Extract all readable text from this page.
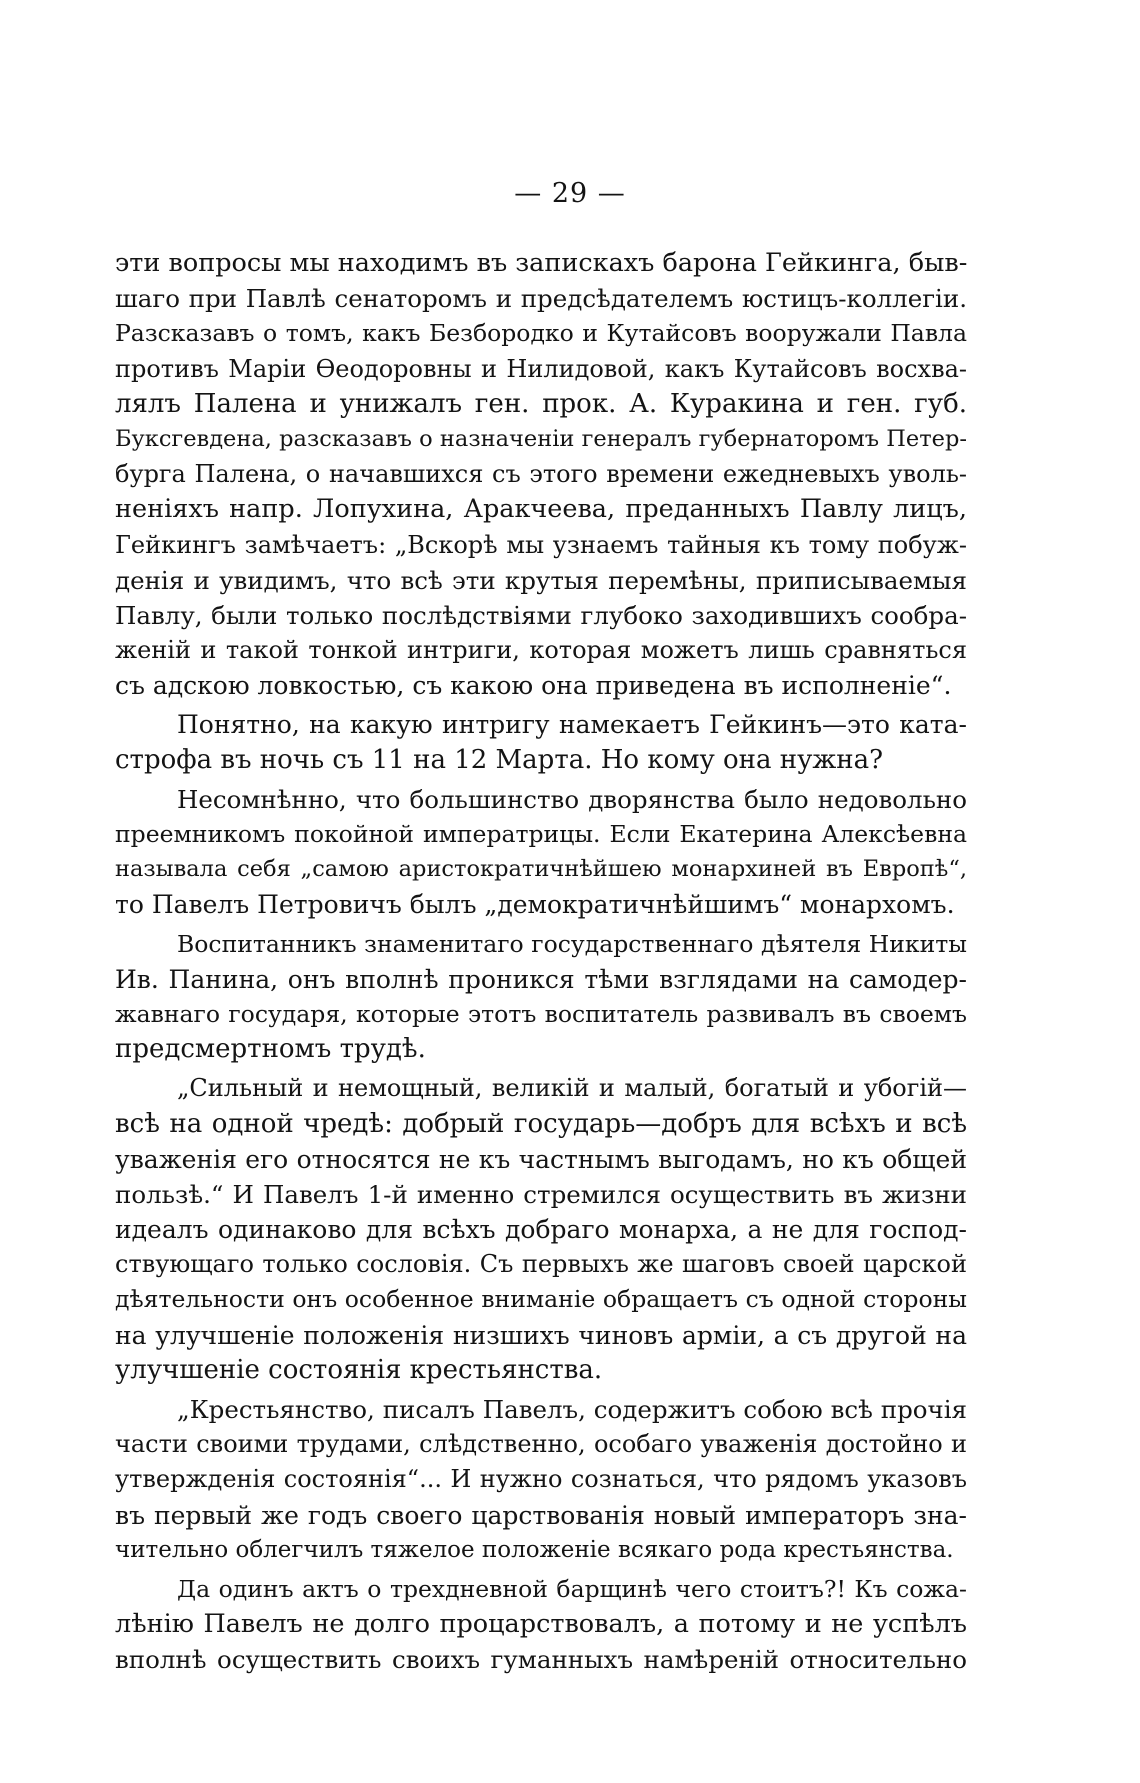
— 29 —
эти вопросы мы находимъ въ запискахъ барона Гейкинга, быв-
шаго при Павлѣ сенаторомъ и предсѣдателемъ юстицъ-коллегiи.
Разсказавъ о томъ, какъ Безбородко и Кутайсовъ вооружали Павла
противъ Марiи Өеодоровны и Нилидовой, какъ Кутайсовъ восхва-
лялъ Палена и унижалъ ген. прок. А. Куракина и ген. губ.
Буксгевдена, разсказавъ о назначенiи генералъ губернаторомъ Петер-
бурга Палена, о начавшихся съ этого времени ежедневыхъ уволь-
ненiяхъ напр. Лопухина, Аракчеева, преданныхъ Павлу лицъ,
Гейкингъ замѣчаетъ: „Вскорѣ мы узнаемъ тайныя къ тому побуж-
денiя и увидимъ, что всѣ эти крутыя перемѣны, приписываемыя
Павлу, были только послѣдствiями глубоко заходившихъ сообра-
женiй и такой тонкой интриги, которая можетъ лишь сравняться
съ адскою ловкостью, съ какою она приведена въ исполненiе“.
Понятно, на какую интригу намекаетъ Гейкинъ—это ката-
строфа въ ночь съ 11 на 12 Марта. Но кому она нужна?
Несомнѣнно, что большинство дворянства было недовольно
преемникомъ покойной императрицы. Если Екатерина Алексѣевна
называла себя „самою аристократичнѣйшею монархиней въ Европѣ“,
то Павелъ Петровичъ былъ „демократичнѣйшимъ“ монархомъ.
Воспитанникъ знаменитаго государственнаго дѣятеля Никиты
Ив. Панина, онъ вполнѣ проникся тѣми взглядами на самодер-
жавнаго государя, которые этотъ воспитатель развивалъ въ своемъ
предсмертномъ трудѣ.
„Сильный и немощный, великiй и малый, богатый и убогiй—
всѣ на одной чредѣ: добрый государь—добръ для всѣхъ и всѣ
уваженiя его относятся не къ частнымъ выгодамъ, но къ общей
пользѣ.“ И Павелъ 1-й именно стремился осуществить въ жизни
идеалъ одинаково для всѣхъ добраго монарха, а не для господ-
ствующаго только сословiя. Съ первыхъ же шаговъ своей царской
дѣятельности онъ особенное вниманiе обращаетъ съ одной стороны
на улучшенiе положенiя низшихъ чиновъ армiи, а съ другой на
улучшенiе состоянiя крестьянства.
„Крестьянство, писалъ Павелъ, содержитъ собою всѣ прочiя
части своими трудами, слѣдственно, особаго уваженiя достойно и
утвержденiя состоянiя“... И нужно сознаться, что рядомъ указовъ
въ первый же годъ своего царствованiя новый императоръ зна-
чительно облегчилъ тяжелое положенiе всякаго рода крестьянства.
Да одинъ актъ о трехдневной барщинѣ чего стоитъ?! Къ сожа-
лѣнiю Павелъ не долго процарствовалъ, а потому и не успѣлъ
вполнѣ осуществить своихъ гуманныхъ намѣренiй относительно
